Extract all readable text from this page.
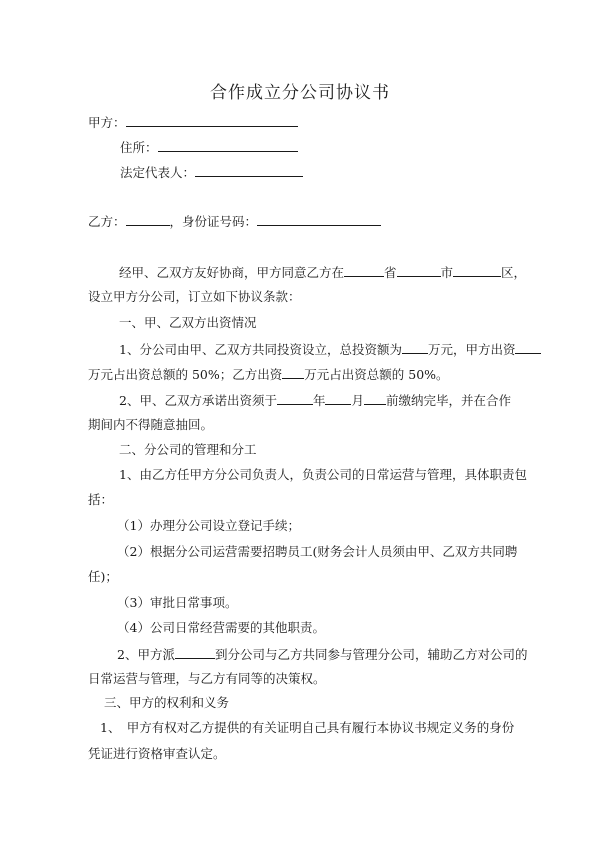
合作成立分公司协议书
甲方：
住所：
法定代表人：
乙方：	，身份证号码：
经甲、乙双方友好协商，甲方同意乙方在	省	市	区，
设立甲方分公司，订立如下协议条款：
一、甲、乙双方出资情况
1、分公司由甲、乙双方共同投资设立，总投资额为 万元，甲方出资
万元占出资总额的 50%；乙方出资 万元占出资总额的 50%。
2、甲、乙双方承诺出资须于	年 月 前缴纳完毕，并在合作
期间内不得随意抽回。
二、分公司的管理和分工
1、由乙方任甲方分公司负责人，负责公司的日常运营与管理，具体职责包
括：
（1）办理分公司设立登记手续；
（2）根据分公司运营需要招聘员工(财务会计人员须由甲、乙双方共同聘
任)；
（3）审批日常事项。
（4）公司日常经营需要的其他职责。
2、甲方派	到分公司与乙方共同参与管理分公司，辅助乙方对公司的
日常运营与管理，与乙方有同等的决策权。
三、甲方的权利和义务
1、　甲方有权对乙方提供的有关证明自己具有履行本协议书规定义务的身份
凭证进行资格审查认定。
